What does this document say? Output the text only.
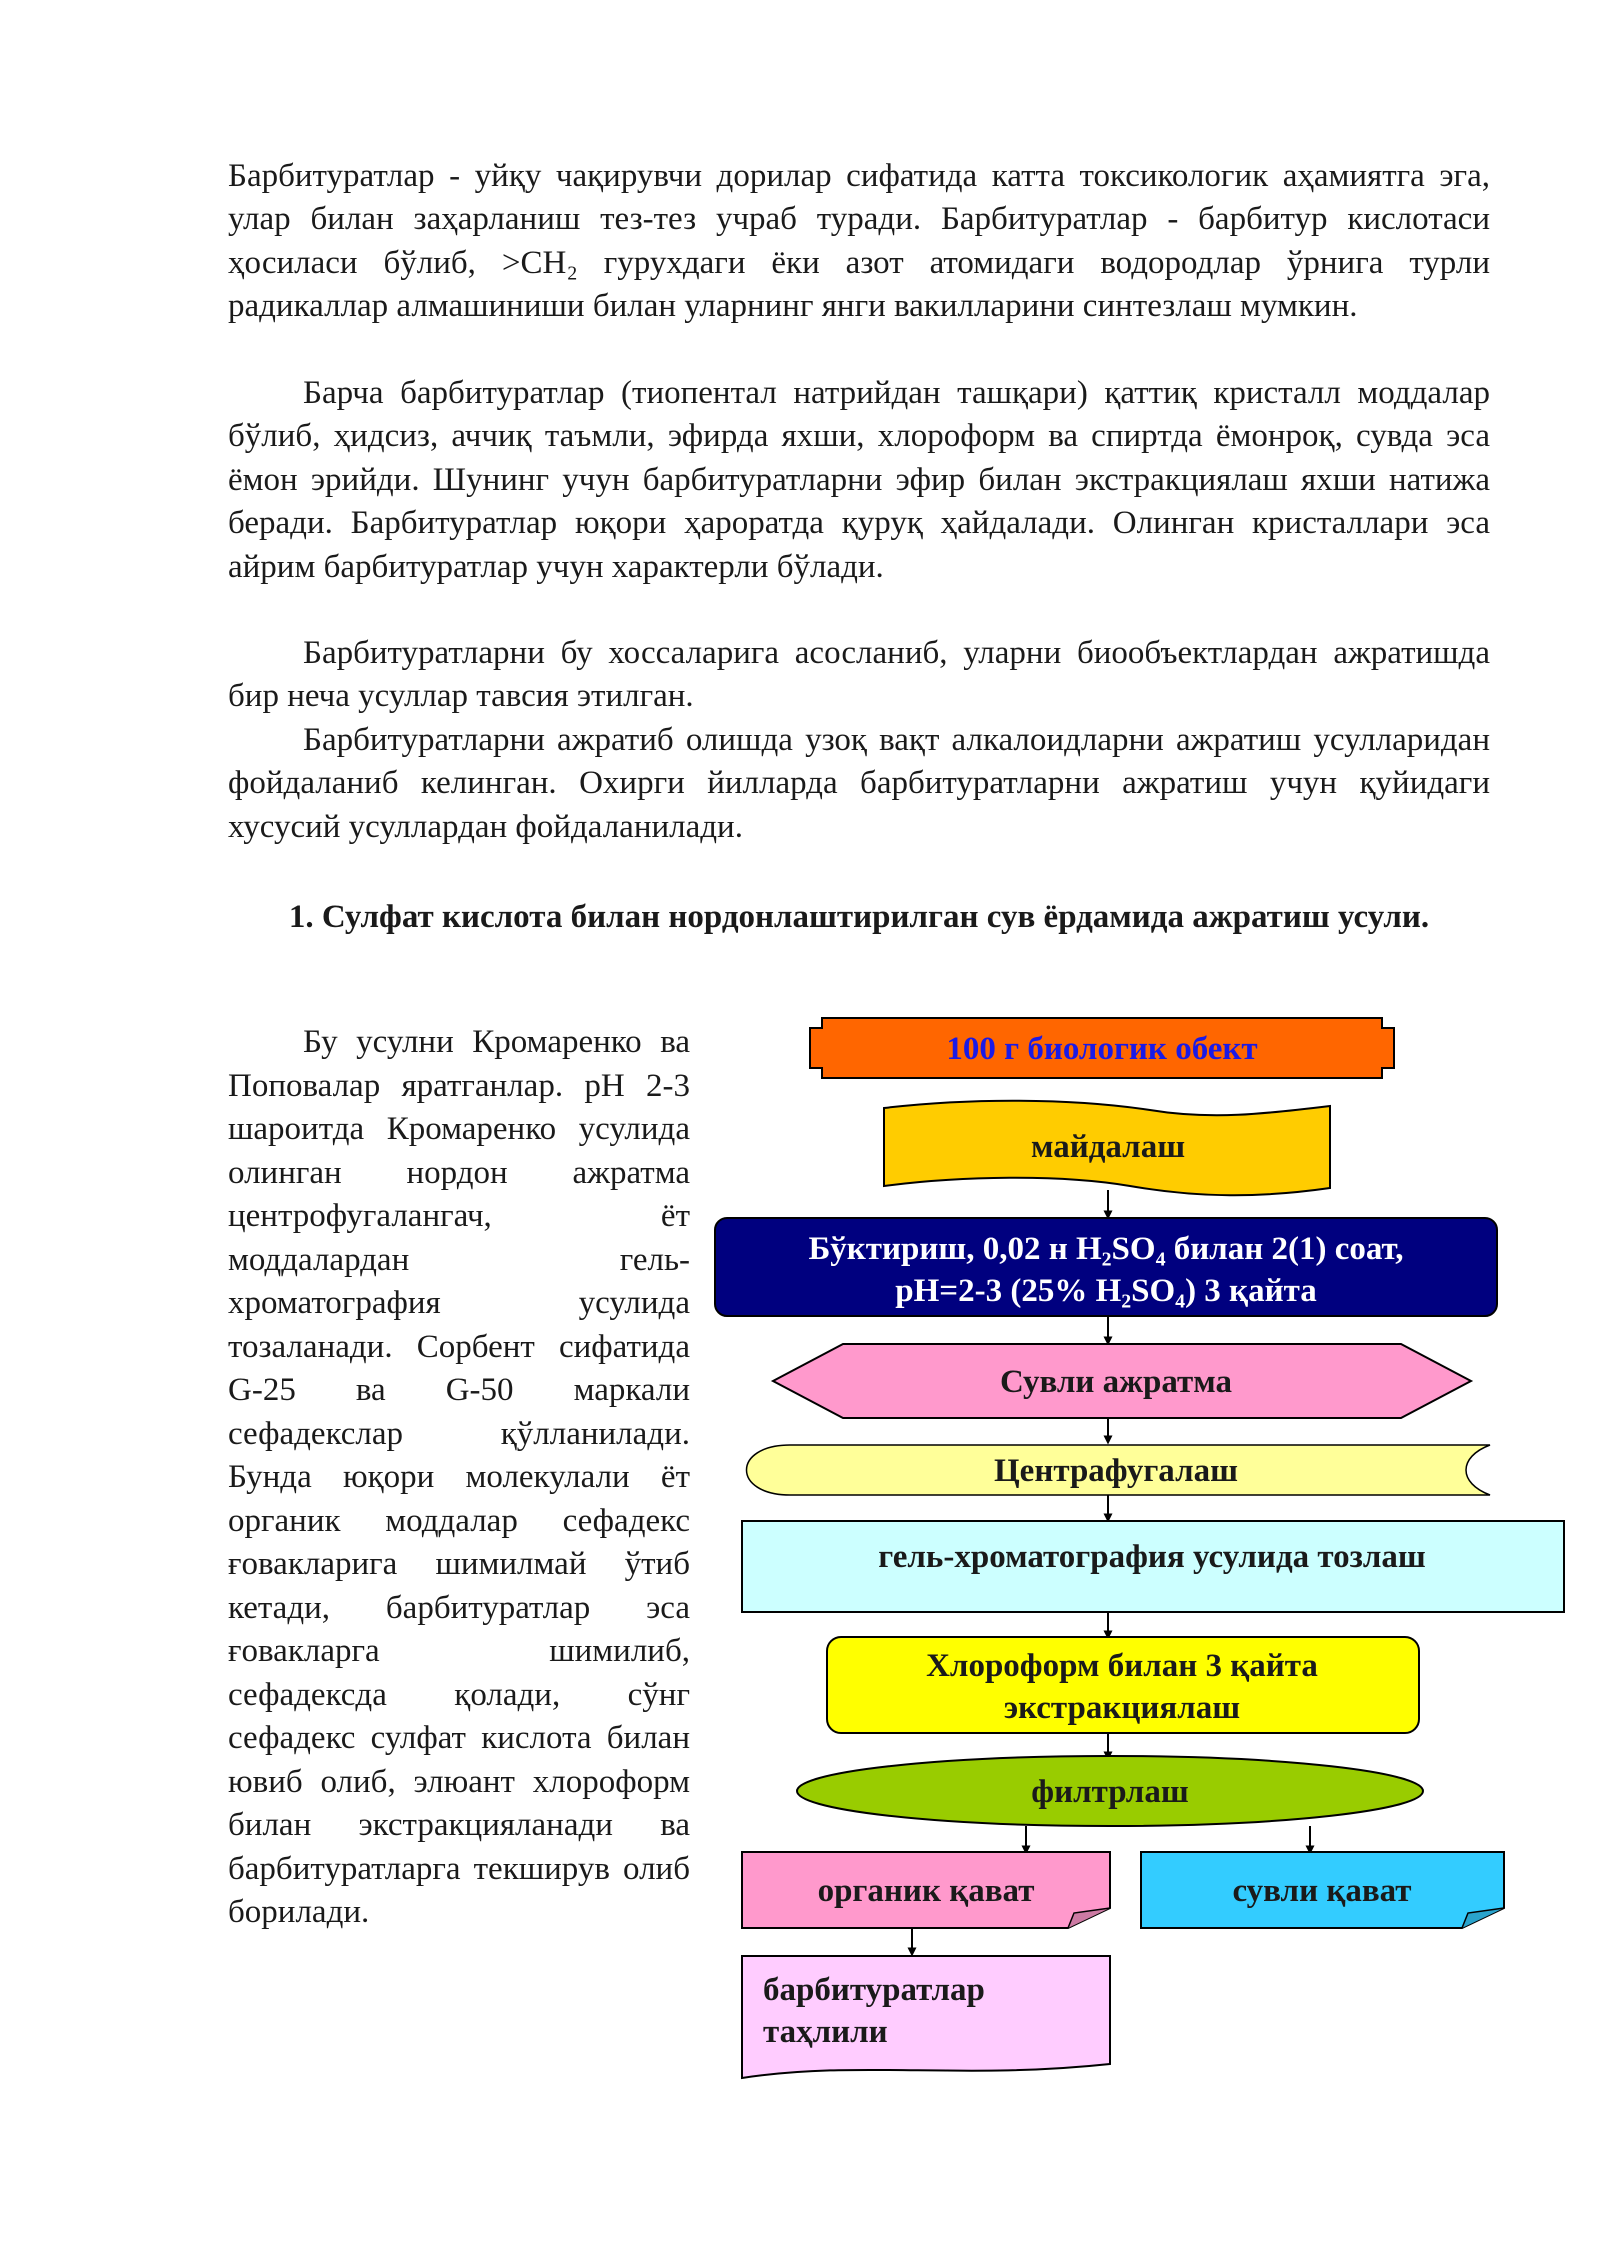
Барбитуратлар - уйқу чақирувчи дорилар сифатида катта токсикологик аҳамиятга эга, улар билан заҳарланиш тез-тез учраб туради. Барбитуратлар - барбитур кислотаси ҳосиласи бўлиб, >CH₂ гурухдаги ёки азот атомидаги водородлар ўрнига турли радикаллар алмашиниши билан уларнинг янги вакилларини синтезлаш мумкин.

Барча барбитуратлар (тиопентал натрийдан ташқари) қаттиқ кристалл моддалар бўлиб, ҳидсиз, аччиқ таъмли, эфирда яхши, хлороформ ва спиртда ёмонроқ, сувда эса ёмон эрийди. Шунинг учун барбитуратларни эфир билан экстракциялаш яхши натижа беради. Барбитуратлар юқори ҳароратда қуруқ ҳайдалади. Олинган кристаллари эса айрим барбитуратлар учун характерли бўлади.

Барбитуратларни бу хоссаларига асосланиб, уларни биообъектлардан ажратишда бир неча усуллар тавсия этилган.

Барбитуратларни ажратиб олишда узоқ вақт алкалоидларни ажратиш усулларидан фойдаланиб келинган. Охирги йилларда барбитуратларни ажратиш учун қуйидаги хусусий усуллардан фойдаланилади.

1. Сулфат кислота билан нордонлаштирилган сув ёрдамида ажратиш усули.

Бу усулни Кромаренко ва Поповалар яратганлар. pH 2-3 шароитда Кромаренко усулида олинган нордон ажратма центрофугалангач, ёт моддалардан гель-хроматография усулида тозаланади. Сорбент сифатида G-25 ва G-50 маркали сефадекслар қўлланилади. Бунда юқори молекулали ёт органик моддалар сефадекс ғовакларига шимилмай ўтиб кетади, барбитуратлар эса ғовакларга шимилиб, сефадексда қолади, сўнг сефадекс сулфат кислота билан ювиб олиб, элюант хлороформ билан экстракцияланади ва барбитуратларга текширув олиб борилади.

100 г биологик обект
майдалаш
Бўктириш, 0,02 н H₂SO₄ билан 2(1) соат,
pH=2-3 (25% H₂SO₄) 3 қайта
Сувли ажратма
Центрафугалаш
гель-хроматография усулида тозлаш
Хлороформ билан 3 қайта
экстракциялаш
филтрлаш
органик қават	сувли қават
барбитуратлар
таҳлили
